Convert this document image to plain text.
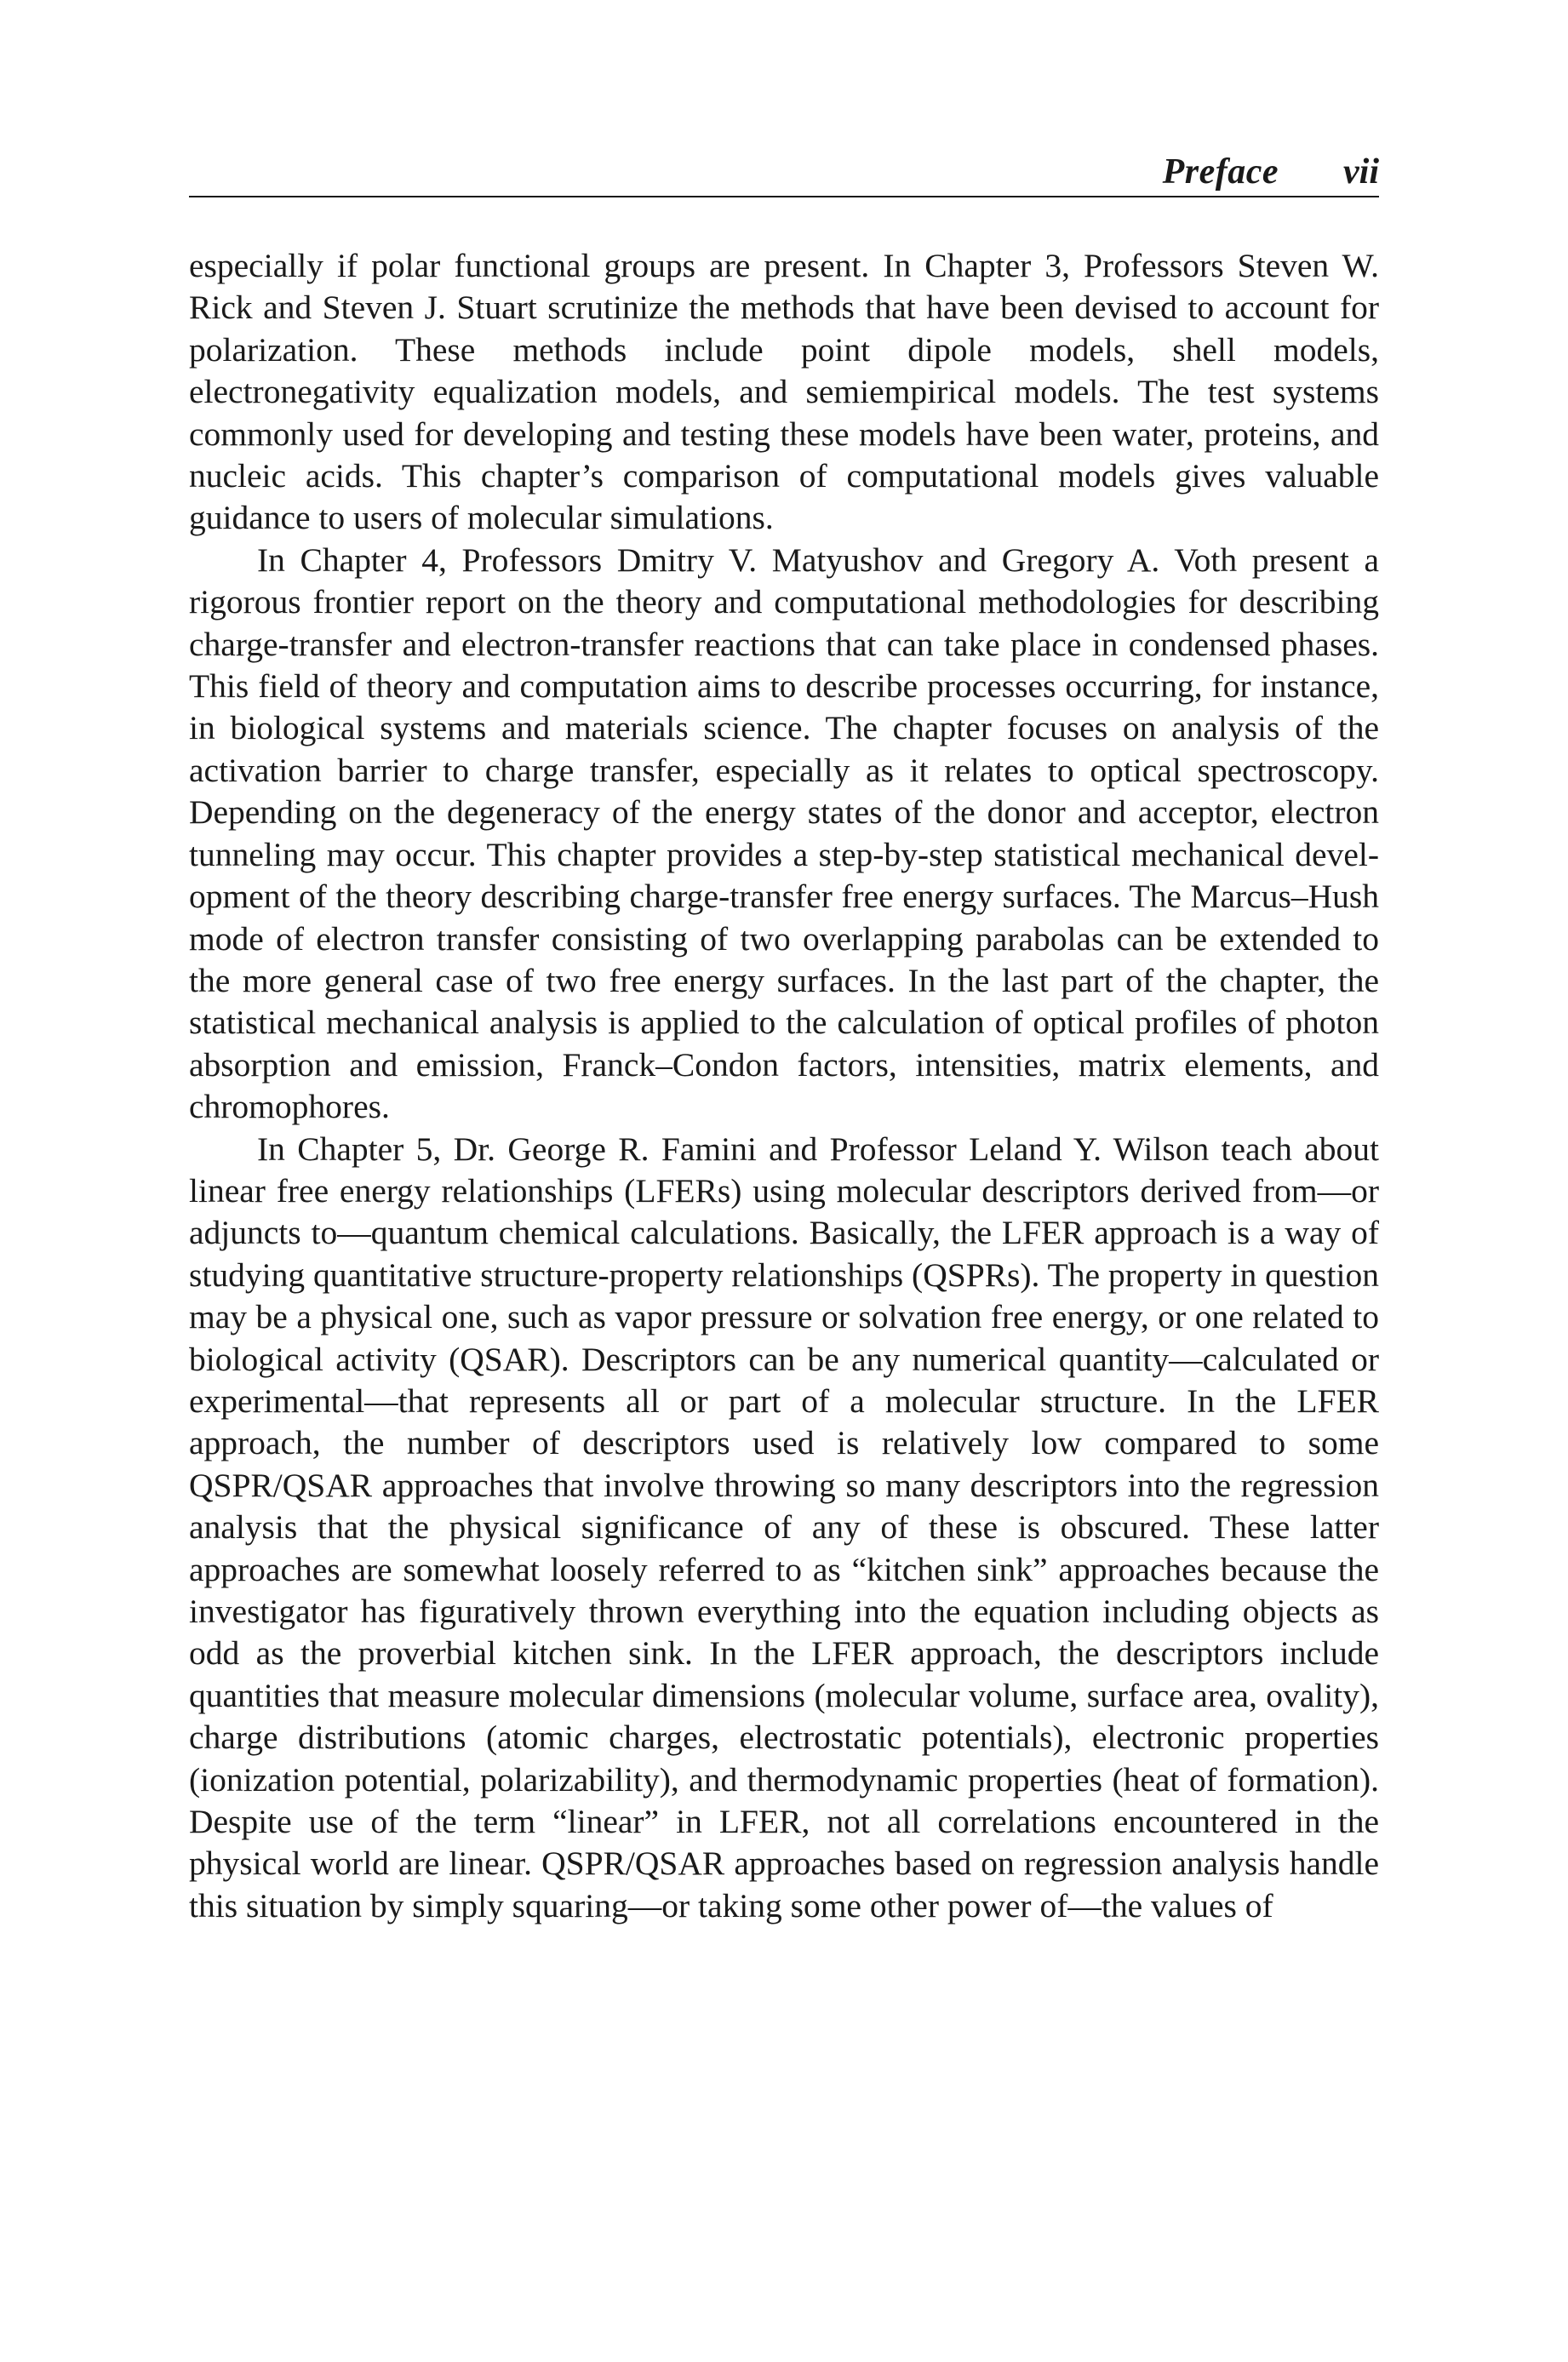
Preface vii

especially if polar functional groups are present. In Chapter 3, Professors Steven W. Rick and Steven J. Stuart scrutinize the methods that have been devised to account for polarization. These methods include point dipole models, shell models, electronegativity equalization models, and semiempirical models. The test systems commonly used for developing and testing these models have been water, proteins, and nucleic acids. This chapter’s comparison of computational models gives valuable guidance to users of molecular simulations.

In Chapter 4, Professors Dmitry V. Matyushov and Gregory A. Voth present a rigorous frontier report on the theory and computational methodologies for describing charge-transfer and electron-transfer reactions that can take place in condensed phases. This field of theory and computation aims to describe processes occurring, for instance, in biological systems and materials science. The chapter focuses on analysis of the activation barrier to charge transfer, especially as it relates to optical spectroscopy. Depending on the degeneracy of the energy states of the donor and acceptor, electron tunneling may occur. This chapter provides a step-by-step statistical mechanical development of the theory describing charge-transfer free energy surfaces. The Marcus–Hush mode of electron transfer consisting of two overlapping parabolas can be extended to the more general case of two free energy surfaces. In the last part of the chapter, the statistical mechanical analysis is applied to the calculation of optical profiles of photon absorption and emission, Franck–Condon factors, intensities, matrix elements, and chromophores.

In Chapter 5, Dr. George R. Famini and Professor Leland Y. Wilson teach about linear free energy relationships (LFERs) using molecular descriptors derived from—or adjuncts to—quantum chemical calculations. Basically, the LFER approach is a way of studying quantitative structure-property relationships (QSPRs). The property in question may be a physical one, such as vapor pressure or solvation free energy, or one related to biological activity (QSAR). Descriptors can be any numerical quantity—calculated or experimental—that represents all or part of a molecular structure. In the LFER approach, the number of descriptors used is relatively low compared to some QSPR/QSAR approaches that involve throwing so many descriptors into the regression analysis that the physical significance of any of these is obscured. These latter approaches are somewhat loosely referred to as “kitchen sink” approaches because the investigator has figuratively thrown everything into the equation including objects as odd as the proverbial kitchen sink. In the LFER approach, the descriptors include quantities that measure molecular dimensions (molecular volume, surface area, ovality), charge distributions (atomic charges, electrostatic potentials), electronic properties (ionization potential, polarizability), and thermodynamic properties (heat of formation). Despite use of the term “linear” in LFER, not all correlations encountered in the physical world are linear. QSPR/QSAR approaches based on regression analysis handle this situation by simply squaring—or taking some other power of—the values of
